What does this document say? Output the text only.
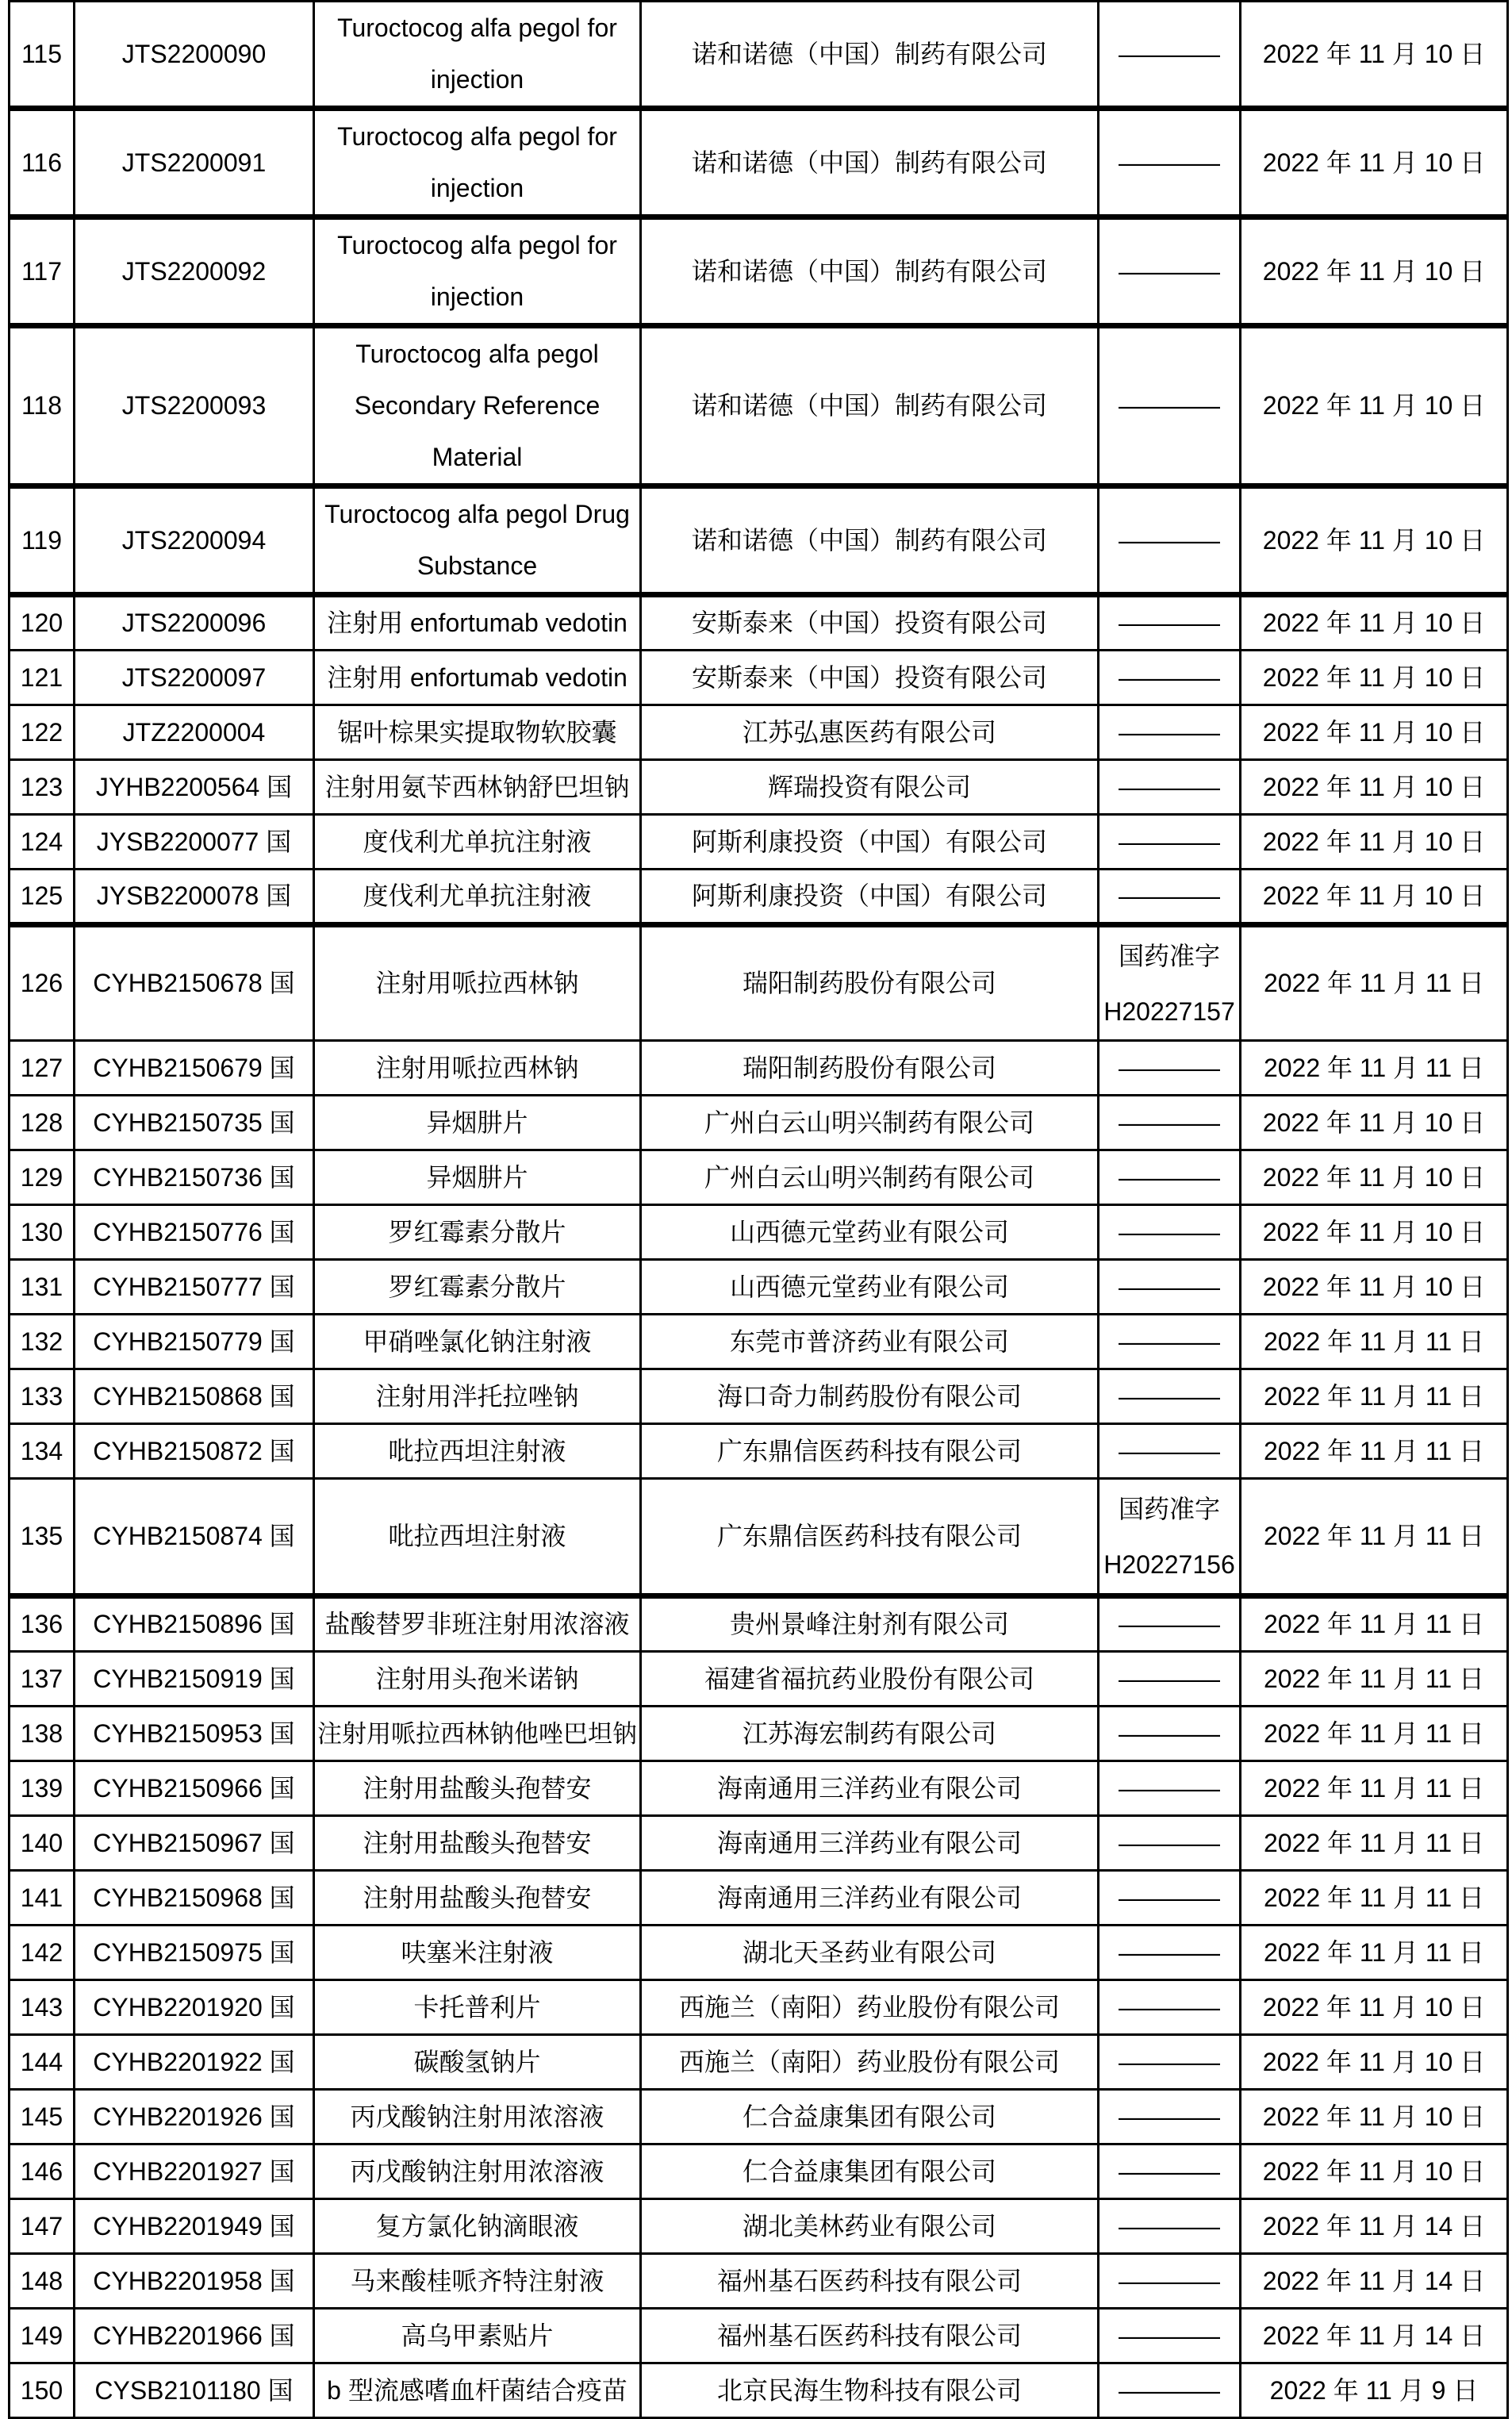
115	JTS2200090	Turoctocog alfa pegol for
injection	诺和诺德（中国）制药有限公司	————	2022 年 11 月 10 日
116	JTS2200091	Turoctocog alfa pegol for
injection	诺和诺德（中国）制药有限公司	————	2022 年 11 月 10 日
117	JTS2200092	Turoctocog alfa pegol for
injection	诺和诺德（中国）制药有限公司	————	2022 年 11 月 10 日
118	JTS2200093	Turoctocog alfa pegol
Secondary Reference
Material	诺和诺德（中国）制药有限公司	————	2022 年 11 月 10 日
119	JTS2200094	Turoctocog alfa pegol Drug
Substance	诺和诺德（中国）制药有限公司	————	2022 年 11 月 10 日
120	JTS2200096	注射用 enfortumab vedotin	安斯泰来（中国）投资有限公司	————	2022 年 11 月 10 日
121	JTS2200097	注射用 enfortumab vedotin	安斯泰来（中国）投资有限公司	————	2022 年 11 月 10 日
122	JTZ2200004	锯叶棕果实提取物软胶囊	江苏弘惠医药有限公司	————	2022 年 11 月 10 日
123	JYHB2200564 国	注射用氨苄西林钠舒巴坦钠	辉瑞投资有限公司	————	2022 年 11 月 10 日
124	JYSB2200077 国	度伐利尤单抗注射液	阿斯利康投资（中国）有限公司	————	2022 年 11 月 10 日
125	JYSB2200078 国	度伐利尤单抗注射液	阿斯利康投资（中国）有限公司	————	2022 年 11 月 10 日
126	CYHB2150678 国	注射用哌拉西林钠	瑞阳制药股份有限公司	国药准字
H20227157	2022 年 11 月 11 日
127	CYHB2150679 国	注射用哌拉西林钠	瑞阳制药股份有限公司	————	2022 年 11 月 11 日
128	CYHB2150735 国	异烟肼片	广州白云山明兴制药有限公司	————	2022 年 11 月 10 日
129	CYHB2150736 国	异烟肼片	广州白云山明兴制药有限公司	————	2022 年 11 月 10 日
130	CYHB2150776 国	罗红霉素分散片	山西德元堂药业有限公司	————	2022 年 11 月 10 日
131	CYHB2150777 国	罗红霉素分散片	山西德元堂药业有限公司	————	2022 年 11 月 10 日
132	CYHB2150779 国	甲硝唑氯化钠注射液	东莞市普济药业有限公司	————	2022 年 11 月 11 日
133	CYHB2150868 国	注射用泮托拉唑钠	海口奇力制药股份有限公司	————	2022 年 11 月 11 日
134	CYHB2150872 国	吡拉西坦注射液	广东鼎信医药科技有限公司	————	2022 年 11 月 11 日
135	CYHB2150874 国	吡拉西坦注射液	广东鼎信医药科技有限公司	国药准字
H20227156	2022 年 11 月 11 日
136	CYHB2150896 国	盐酸替罗非班注射用浓溶液	贵州景峰注射剂有限公司	————	2022 年 11 月 11 日
137	CYHB2150919 国	注射用头孢米诺钠	福建省福抗药业股份有限公司	————	2022 年 11 月 11 日
138	CYHB2150953 国	注射用哌拉西林钠他唑巴坦钠	江苏海宏制药有限公司	————	2022 年 11 月 11 日
139	CYHB2150966 国	注射用盐酸头孢替安	海南通用三洋药业有限公司	————	2022 年 11 月 11 日
140	CYHB2150967 国	注射用盐酸头孢替安	海南通用三洋药业有限公司	————	2022 年 11 月 11 日
141	CYHB2150968 国	注射用盐酸头孢替安	海南通用三洋药业有限公司	————	2022 年 11 月 11 日
142	CYHB2150975 国	呋塞米注射液	湖北天圣药业有限公司	————	2022 年 11 月 11 日
143	CYHB2201920 国	卡托普利片	西施兰（南阳）药业股份有限公司	————	2022 年 11 月 10 日
144	CYHB2201922 国	碳酸氢钠片	西施兰（南阳）药业股份有限公司	————	2022 年 11 月 10 日
145	CYHB2201926 国	丙戊酸钠注射用浓溶液	仁合益康集团有限公司	————	2022 年 11 月 10 日
146	CYHB2201927 国	丙戊酸钠注射用浓溶液	仁合益康集团有限公司	————	2022 年 11 月 10 日
147	CYHB2201949 国	复方氯化钠滴眼液	湖北美林药业有限公司	————	2022 年 11 月 14 日
148	CYHB2201958 国	马来酸桂哌齐特注射液	福州基石医药科技有限公司	————	2022 年 11 月 14 日
149	CYHB2201966 国	高乌甲素贴片	福州基石医药科技有限公司	————	2022 年 11 月 14 日
150	CYSB2101180 国	b 型流感嗜血杆菌结合疫苗	北京民海生物科技有限公司	————	2022 年 11 月 9 日
